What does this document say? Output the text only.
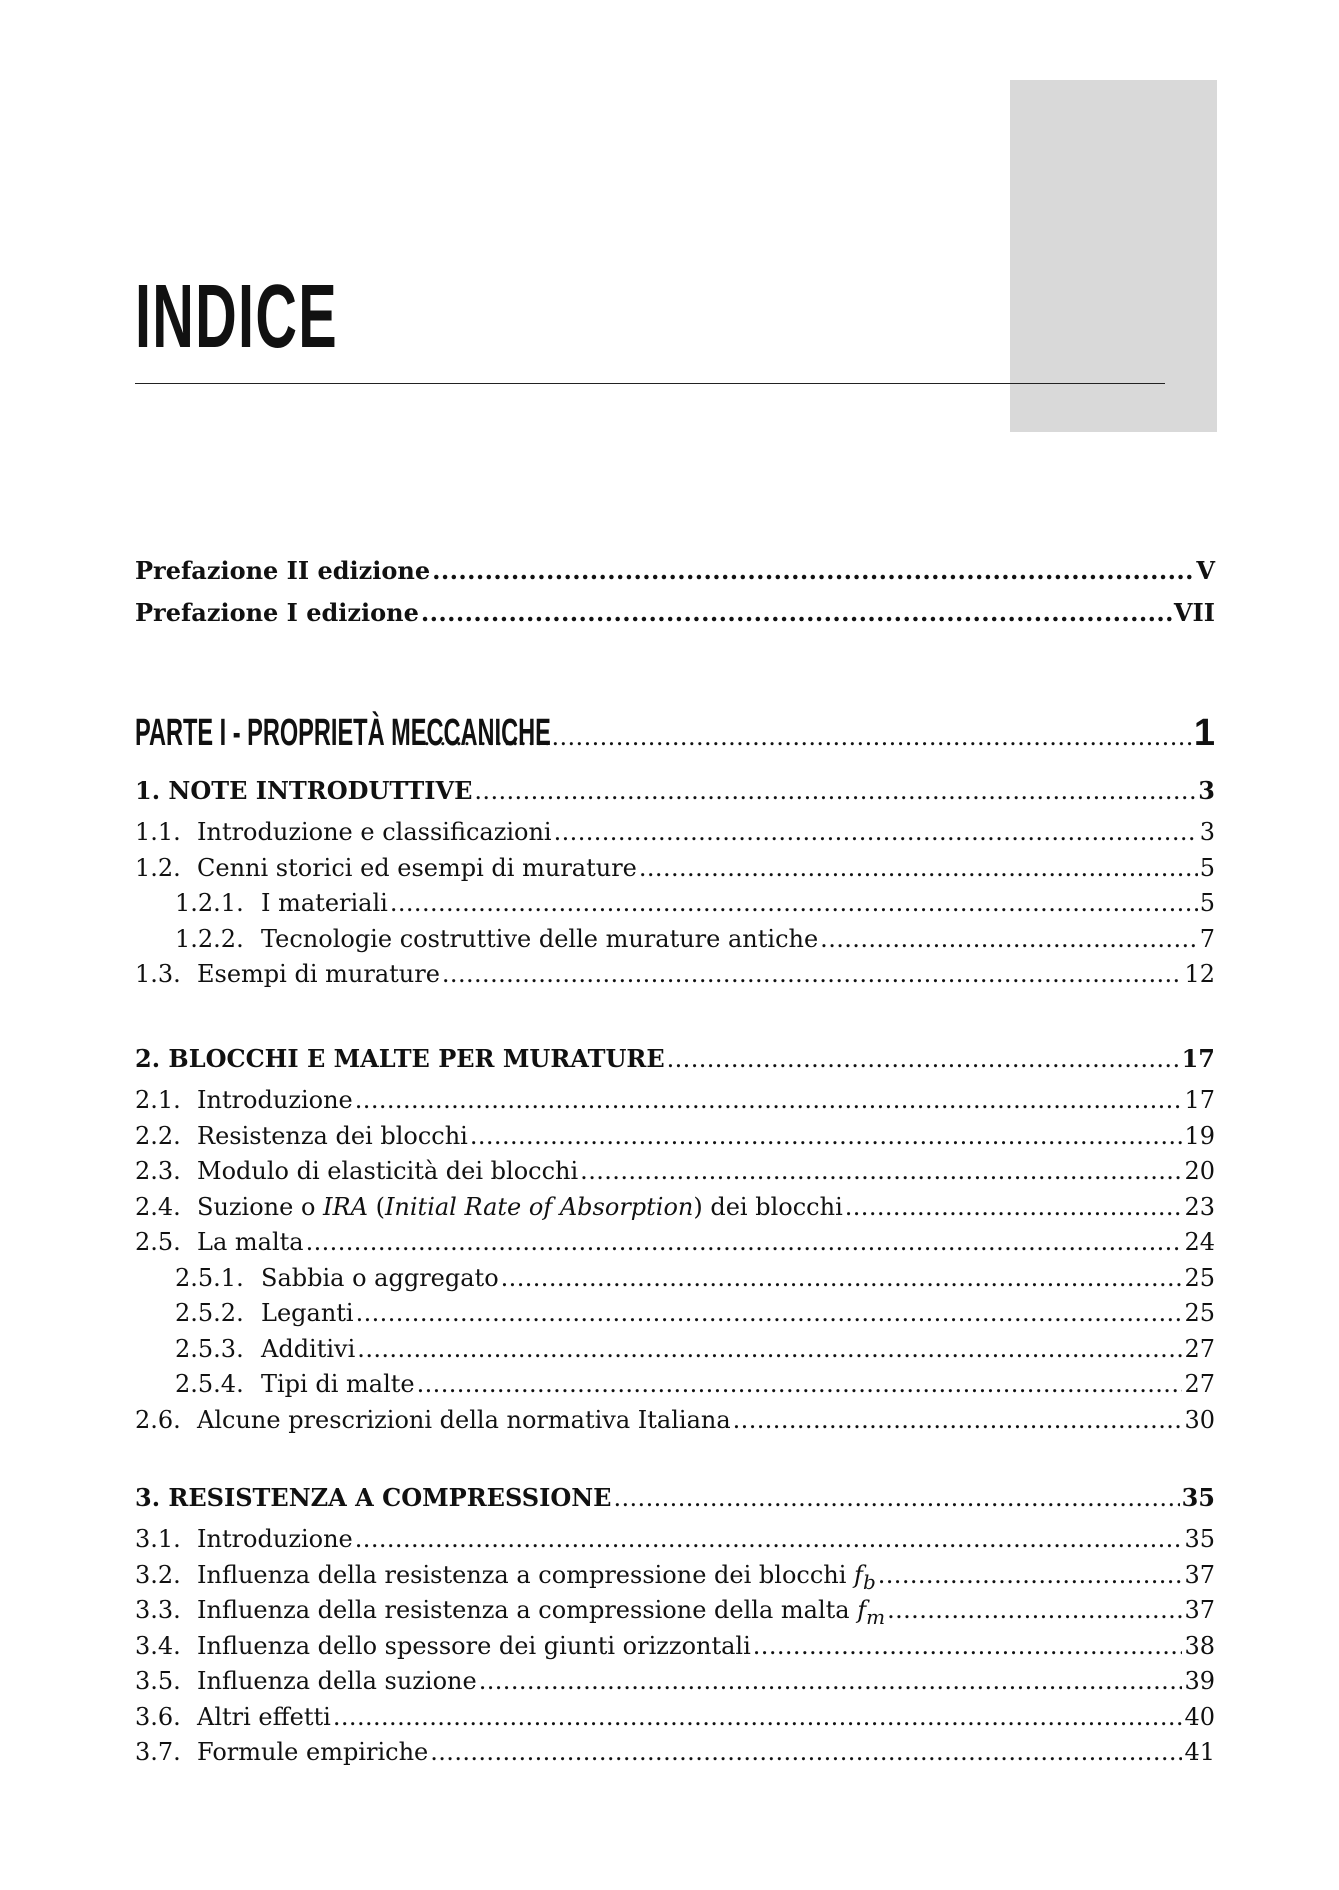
INDICE
Prefazione II edizione .....	V
Prefazione I edizione .....	VII
PARTE I - PROPRIETÀ MECCANICHE .....	1
1. NOTE INTRODUTTIVE .....	3
1.1. Introduzione e classificazioni .....	3
1.2. Cenni storici ed esempi di murature .....	5
1.2.1. I materiali .....	5
1.2.2. Tecnologie costruttive delle murature antiche .....	7
1.3. Esempi di murature .....	12
2. BLOCCHI E MALTE PER MURATURE .....	17
2.1. Introduzione .....	17
2.2. Resistenza dei blocchi .....	19
2.3. Modulo di elasticità dei blocchi .....	20
2.4. Suzione o IRA (Initial Rate of Absorption) dei blocchi .....	23
2.5. La malta .....	24
2.5.1. Sabbia o aggregato .....	25
2.5.2. Leganti .....	25
2.5.3. Additivi .....	27
2.5.4. Tipi di malte .....	27
2.6. Alcune prescrizioni della normativa Italiana .....	30
3. RESISTENZA A COMPRESSIONE .....	35
3.1. Introduzione .....	35
3.2. Influenza della resistenza a compressione dei blocchi $f_b$ .....	37
3.3. Influenza della resistenza a compressione della malta $f_m$ .....	37
3.4. Influenza dello spessore dei giunti orizzontali .....	38
3.5. Influenza della suzione .....	39
3.6. Altri effetti .....	40
3.7. Formule empiriche .....	41
